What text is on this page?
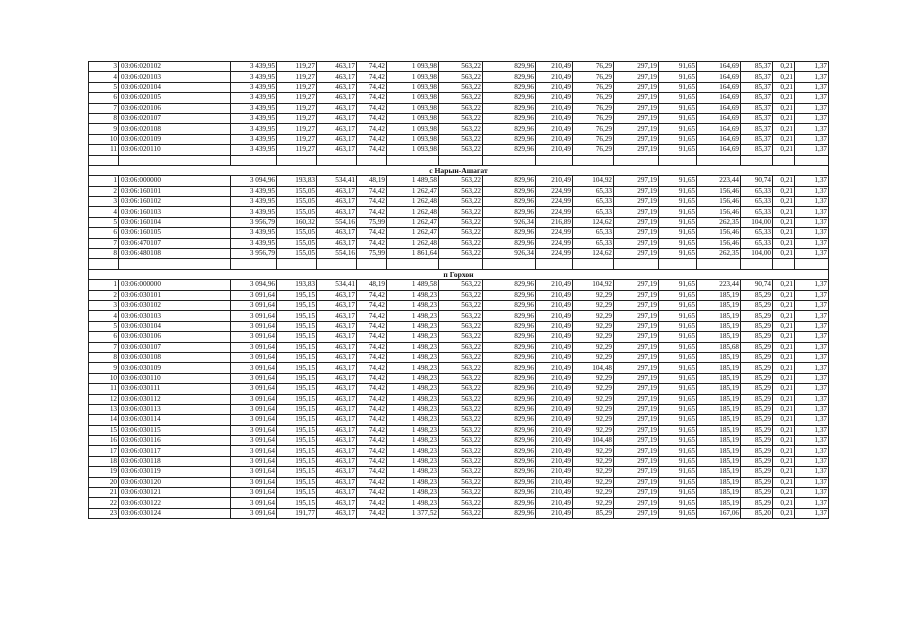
3	03:06:020102	3 439,95	119,27	463,17	74,42	1 093,98	563,22	829,96	210,49	76,29	297,19	91,65	164,69	85,37	0,21	1,37
4	03:06:020103	3 439,95	119,27	463,17	74,42	1 093,98	563,22	829,96	210,49	76,29	297,19	91,65	164,69	85,37	0,21	1,37
5	03:06:020104	3 439,95	119,27	463,17	74,42	1 093,98	563,22	829,96	210,49	76,29	297,19	91,65	164,69	85,37	0,21	1,37
6	03:06:020105	3 439,95	119,27	463,17	74,42	1 093,98	563,22	829,96	210,49	76,29	297,19	91,65	164,69	85,37	0,21	1,37
7	03:06:020106	3 439,95	119,27	463,17	74,42	1 093,98	563,22	829,96	210,49	76,29	297,19	91,65	164,69	85,37	0,21	1,37
8	03:06:020107	3 439,95	119,27	463,17	74,42	1 093,98	563,22	829,96	210,49	76,29	297,19	91,65	164,69	85,37	0,21	1,37
9	03:06:020108	3 439,95	119,27	463,17	74,42	1 093,98	563,22	829,96	210,49	76,29	297,19	91,65	164,69	85,37	0,21	1,37
10	03:06:020109	3 439,95	119,27	463,17	74,42	1 093,98	563,22	829,96	210,49	76,29	297,19	91,65	164,69	85,37	0,21	1,37
11	03:06:020110	3 439,95	119,27	463,17	74,42	1 093,98	563,22	829,96	210,49	76,29	297,19	91,65	164,69	85,37	0,21	1,37

с Нарын-Ашагат																
1	03:06:000000	3 094,96	193,83	534,41	48,19	1 489,58	563,22	829,96	210,49	104,92	297,19	91,65	223,44	90,74	0,21	1,37
2	03:06:160101	3 439,95	155,05	463,17	74,42	1 262,47	563,22	829,96	224,99	65,33	297,19	91,65	156,46	65,33	0,21	1,37
3	03:06:160102	3 439,95	155,05	463,17	74,42	1 262,48	563,22	829,96	224,99	65,33	297,19	91,65	156,46	65,33	0,21	1,37
4	03:06:160103	3 439,95	155,05	463,17	74,42	1 262,48	563,22	829,96	224,99	65,33	297,19	91,65	156,46	65,33	0,21	1,37
5	03:06:160104	3 956,79	160,32	554,16	75,99	1 262,47	563,22	926,34	216,89	124,62	297,19	91,65	262,35	104,00	0,21	1,37
6	03:06:160105	3 439,95	155,05	463,17	74,42	1 262,47	563,22	829,96	224,99	65,33	297,19	91,65	156,46	65,33	0,21	1,37
7	03:06:470107	3 439,95	155,05	463,17	74,42	1 262,48	563,22	829,96	224,99	65,33	297,19	91,65	156,46	65,33	0,21	1,37
8	03:06:480108	3 956,79	155,05	554,16	75,99	1 861,64	563,22	926,34	224,99	124,62	297,19	91,65	262,35	104,00	0,21	1,37

п Горхон																
1	03:06:000000	3 094,96	193,83	534,41	48,19	1 489,58	563,22	829,96	210,49	104,92	297,19	91,65	223,44	90,74	0,21	1,37
2	03:06:030101	3 091,64	195,15	463,17	74,42	1 498,23	563,22	829,96	210,49	92,29	297,19	91,65	185,19	85,29	0,21	1,37
3	03:06:030102	3 091,64	195,15	463,17	74,42	1 498,23	563,22	829,96	210,49	92,29	297,19	91,65	185,19	85,29	0,21	1,37
4	03:06:030103	3 091,64	195,15	463,17	74,42	1 498,23	563,22	829,96	210,49	92,29	297,19	91,65	185,19	85,29	0,21	1,37
5	03:06:030104	3 091,64	195,15	463,17	74,42	1 498,23	563,22	829,96	210,49	92,29	297,19	91,65	185,19	85,29	0,21	1,37
6	03:06:030106	3 091,64	195,15	463,17	74,42	1 498,23	563,22	829,96	210,49	92,29	297,19	91,65	185,19	85,29	0,21	1,37
7	03:06:030107	3 091,64	195,15	463,17	74,42	1 498,23	563,22	829,96	210,49	92,29	297,19	91,65	185,68	85,29	0,21	1,37
8	03:06:030108	3 091,64	195,15	463,17	74,42	1 498,23	563,22	829,96	210,49	92,29	297,19	91,65	185,19	85,29	0,21	1,37
9	03:06:030109	3 091,64	195,15	463,17	74,42	1 498,23	563,22	829,96	210,49	104,48	297,19	91,65	185,19	85,29	0,21	1,37
10	03:06:030110	3 091,64	195,15	463,17	74,42	1 498,23	563,22	829,96	210,49	92,29	297,19	91,65	185,19	85,29	0,21	1,37
11	03:06:030111	3 091,64	195,15	463,17	74,42	1 498,23	563,22	829,96	210,49	92,29	297,19	91,65	185,19	85,29	0,21	1,37
12	03:06:030112	3 091,64	195,15	463,17	74,42	1 498,23	563,22	829,96	210,49	92,29	297,19	91,65	185,19	85,29	0,21	1,37
13	03:06:030113	3 091,64	195,15	463,17	74,42	1 498,23	563,22	829,96	210,49	92,29	297,19	91,65	185,19	85,29	0,21	1,37
14	03:06:030114	3 091,64	195,15	463,17	74,42	1 498,23	563,22	829,96	210,49	92,29	297,19	91,65	185,19	85,29	0,21	1,37
15	03:06:030115	3 091,64	195,15	463,17	74,42	1 498,23	563,22	829,96	210,49	92,29	297,19	91,65	185,19	85,29	0,21	1,37
16	03:06:030116	3 091,64	195,15	463,17	74,42	1 498,23	563,22	829,96	210,49	104,48	297,19	91,65	185,19	85,29	0,21	1,37
17	03:06:030117	3 091,64	195,15	463,17	74,42	1 498,23	563,22	829,96	210,49	92,29	297,19	91,65	185,19	85,29	0,21	1,37
18	03:06:030118	3 091,64	195,15	463,17	74,42	1 498,23	563,22	829,96	210,49	92,29	297,19	91,65	185,19	85,29	0,21	1,37
19	03:06:030119	3 091,64	195,15	463,17	74,42	1 498,23	563,22	829,96	210,49	92,29	297,19	91,65	185,19	85,29	0,21	1,37
20	03:06:030120	3 091,64	195,15	463,17	74,42	1 498,23	563,22	829,96	210,49	92,29	297,19	91,65	185,19	85,29	0,21	1,37
21	03:06:030121	3 091,64	195,15	463,17	74,42	1 498,23	563,22	829,96	210,49	92,29	297,19	91,65	185,19	85,29	0,21	1,37
22	03:06:030122	3 091,64	195,15	463,17	74,42	1 498,23	563,22	829,96	210,49	92,29	297,19	91,65	185,19	85,29	0,21	1,37
23	03:06:030124	3 091,64	191,77	463,17	74,42	1 377,52	563,22	829,96	210,49	85,29	297,19	91,65	167,06	85,20	0,21	1,37
